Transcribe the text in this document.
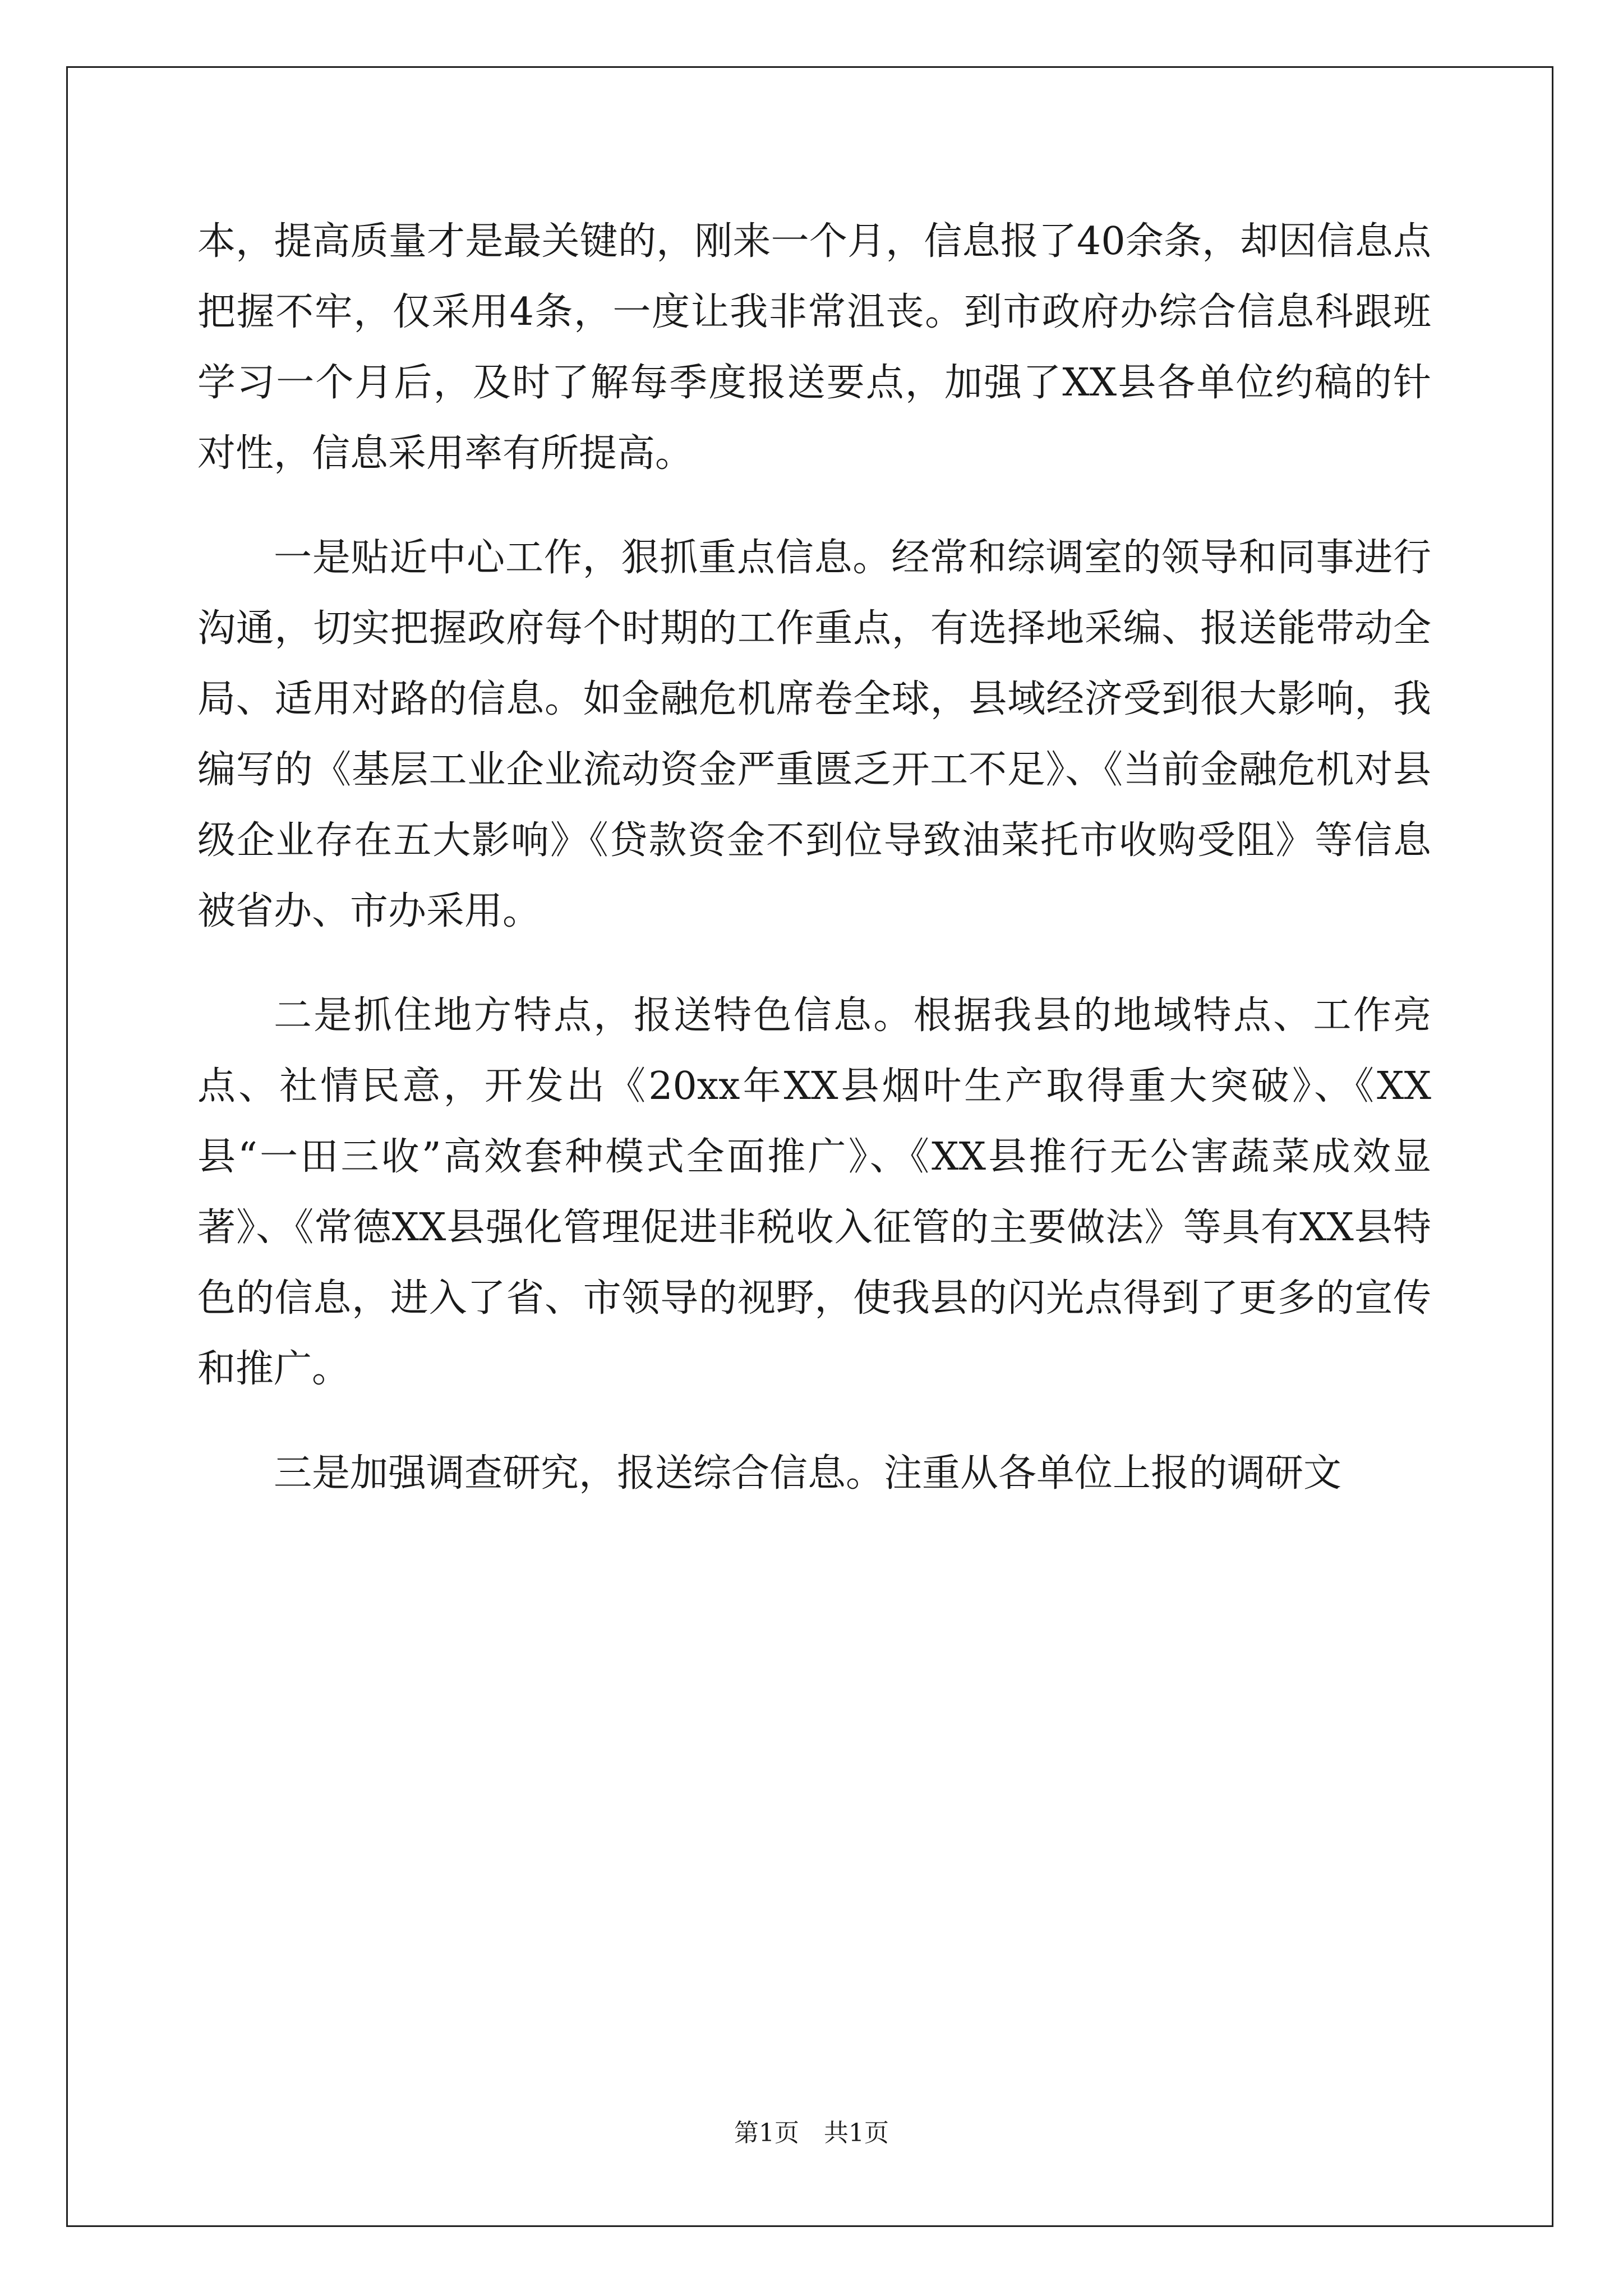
本，提高质量才是最关键的，刚来一个月，信息报了40余条，却因信息点把握不牢，仅采用4条，一度让我非常沮丧。到市政府办综合信息科跟班学习一个月后，及时了解每季度报送要点，加强了XX县各单位约稿的针对性，信息采用率有所提高。

一是贴近中心工作，狠抓重点信息。经常和综调室的领导和同事进行沟通，切实把握政府每个时期的工作重点，有选择地采编、报送能带动全局、适用对路的信息。如金融危机席卷全球，县域经济受到很大影响，我编写的《基层工业企业流动资金严重匮乏开工不足》、《当前金融危机对县级企业存在五大影响》《贷款资金不到位导致油菜托市收购受阻》等信息被省办、市办采用。

二是抓住地方特点，报送特色信息。根据我县的地域特点、工作亮点、社情民意，开发出《20xx年XX县烟叶生产取得重大突破》、《XX县“一田三收”高效套种模式全面推广》、《XX县推行无公害蔬菜成效显著》、《常德XX县强化管理促进非税收入征管的主要做法》等具有XX县特色的信息，进入了省、市领导的视野，使我县的闪光点得到了更多的宣传和推广。

三是加强调查研究，报送综合信息。注重从各单位上报的调研文

第1页　共1页
